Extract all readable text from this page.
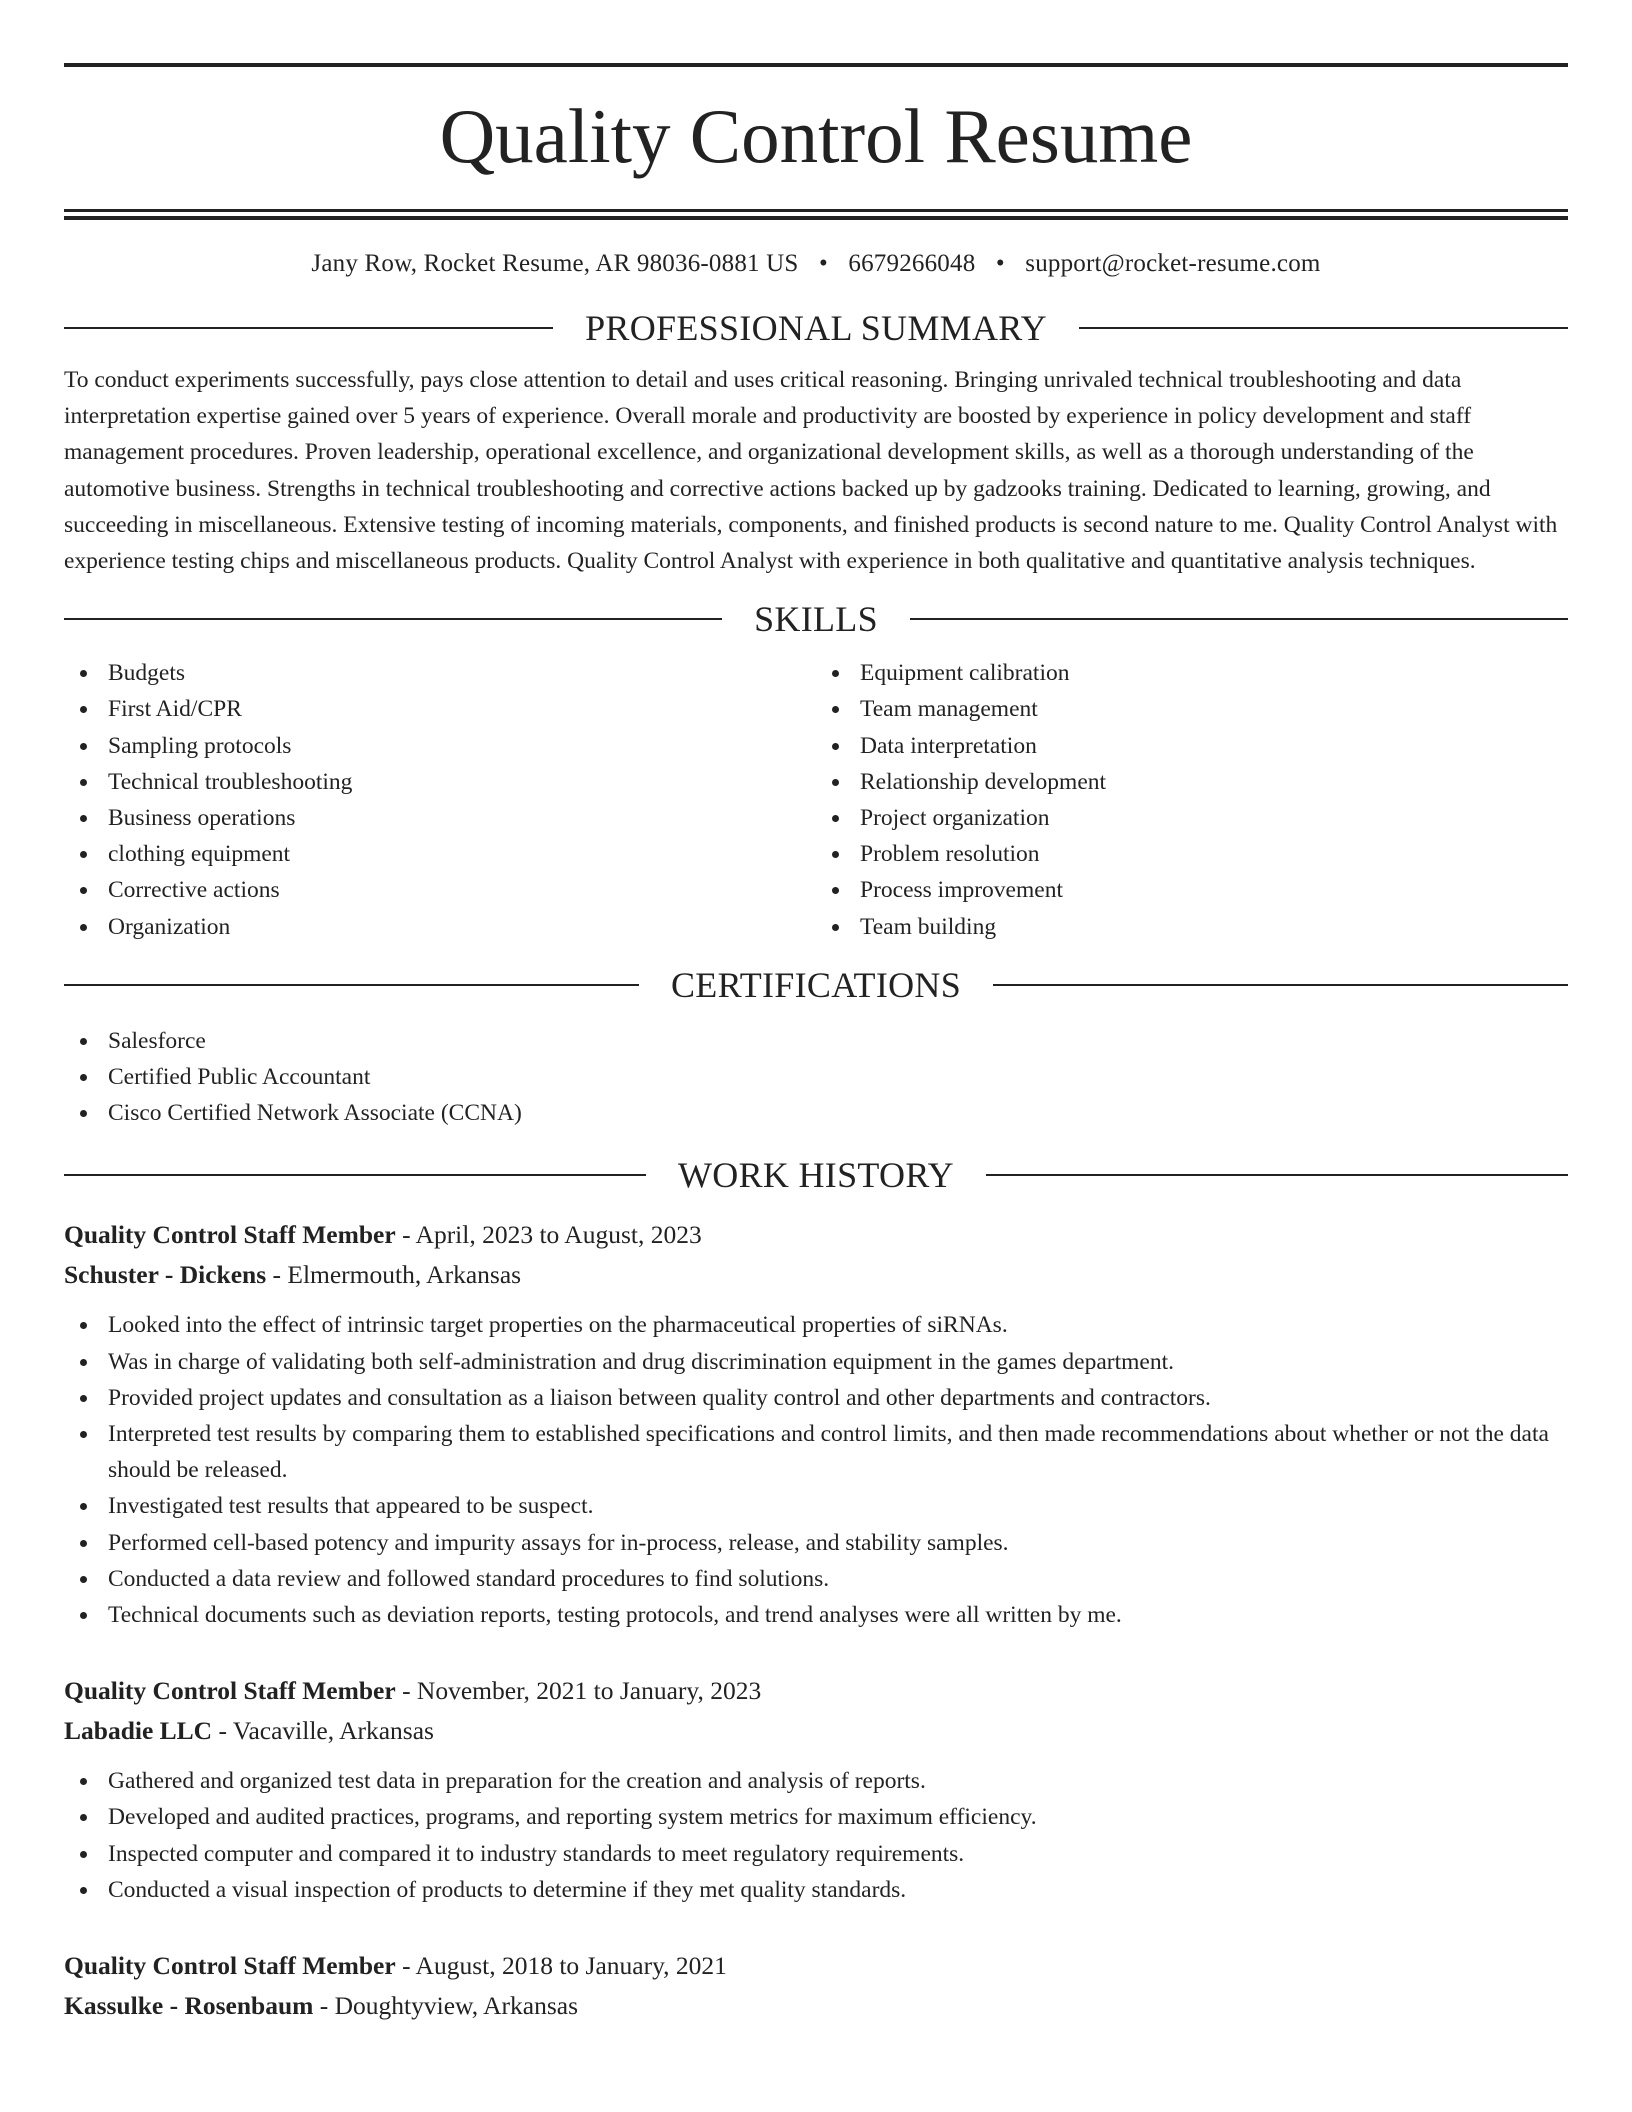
Quality Control Resume
Jany Row, Rocket Resume, AR 98036-0881 US • 6679266048 • support@rocket-resume.com
PROFESSIONAL SUMMARY

To conduct experiments successfully, pays close attention to detail and uses critical reasoning. Bringing unrivaled technical troubleshooting and data interpretation expertise gained over 5 years of experience. Overall morale and productivity are boosted by experience in policy development and staff management procedures. Proven leadership, operational excellence, and organizational development skills, as well as a thorough understanding of the automotive business. Strengths in technical troubleshooting and corrective actions backed up by gadzooks training. Dedicated to learning, growing, and succeeding in miscellaneous. Extensive testing of incoming materials, components, and finished products is second nature to me. Quality Control Analyst with experience testing chips and miscellaneous products. Quality Control Analyst with experience in both qualitative and quantitative analysis techniques.

SKILLS
Budgets
First Aid/CPR
Sampling protocols
Technical troubleshooting
Business operations
clothing equipment
Corrective actions
Organization
Equipment calibration
Team management
Data interpretation
Relationship development
Project organization
Problem resolution
Process improvement
Team building
CERTIFICATIONS
Salesforce
Certified Public Accountant
Cisco Certified Network Associate (CCNA)
WORK HISTORY
Quality Control Staff Member - April, 2023 to August, 2023
Schuster - Dickens - Elmermouth, Arkansas
Looked into the effect of intrinsic target properties on the pharmaceutical properties of siRNAs.
Was in charge of validating both self-administration and drug discrimination equipment in the games department.
Provided project updates and consultation as a liaison between quality control and other departments and contractors.
Interpreted test results by comparing them to established specifications and control limits, and then made recommendations about whether or not the data should be released.
Investigated test results that appeared to be suspect.
Performed cell-based potency and impurity assays for in-process, release, and stability samples.
Conducted a data review and followed standard procedures to find solutions.
Technical documents such as deviation reports, testing protocols, and trend analyses were all written by me.
Quality Control Staff Member - November, 2021 to January, 2023
Labadie LLC - Vacaville, Arkansas
Gathered and organized test data in preparation for the creation and analysis of reports.
Developed and audited practices, programs, and reporting system metrics for maximum efficiency.
Inspected computer and compared it to industry standards to meet regulatory requirements.
Conducted a visual inspection of products to determine if they met quality standards.
Quality Control Staff Member - August, 2018 to January, 2021
Kassulke - Rosenbaum - Doughtyview, Arkansas
